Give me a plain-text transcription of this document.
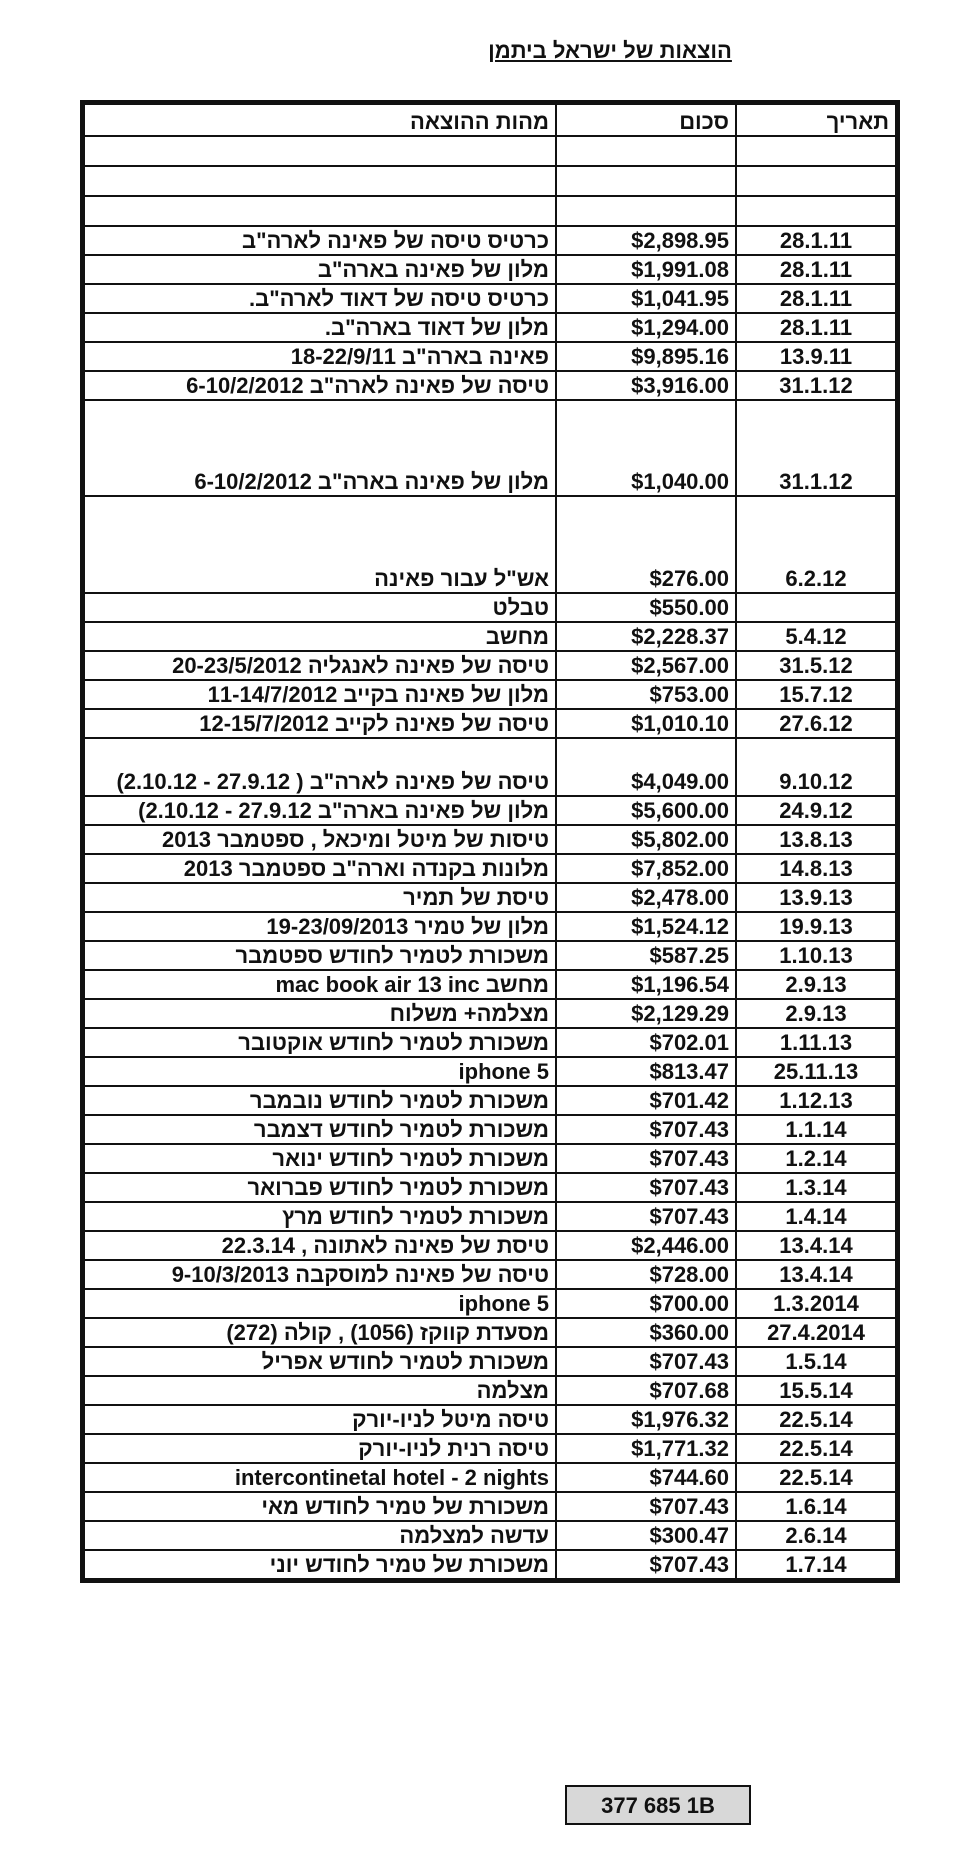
הוצאות של ישראל ביתמן
תאריך	סכום	מהות ההוצאה

28.1.11	$2,898.95	כרטיס טיסה של פאינה לארה"ב
28.1.11	$1,991.08	מלון של פאינה בארה"ב
28.1.11	$1,041.95	כרטיס טיסה של דאוד לארה"ב.
28.1.11	$1,294.00	מלון של דאוד בארה"ב.
13.9.11	$9,895.16	פאינה בארה"ב 18-22/9/11
31.1.12	$3,916.00	טיסה של פאינה לארה"ב 6-10/2/2012
31.1.12	$1,040.00	מלון של פאינה בארה"ב 6-10/2/2012
6.2.12	$276.00	אש"ל עבור פאינה
	$550.00	טבלט
5.4.12	$2,228.37	מחשב
31.5.12	$2,567.00	טיסה של פאינה לאנגליה 20-23/5/2012
15.7.12	$753.00	מלון של פאינה בקייב 11-14/7/2012
27.6.12	$1,010.10	טיסה של פאינה לקייב 12-15/7/2012
9.10.12	$4,049.00	טיסה של פאינה לארה"ב ( 27.9.12 - 2.10.12)
24.9.12	$5,600.00	מלון של פאינה בארה"ב 27.9.12 - 2.10.12)
13.8.13	$5,802.00	טיסות של מיטל ומיכאל , ספטמבר 2013
14.8.13	$7,852.00	מלונות בקנדה וארה"ב ספטמבר 2013
13.9.13	$2,478.00	טיסת של תמיר
19.9.13	$1,524.12	מלון של טמיר 19-23/09/2013
1.10.13	$587.25	משכורת לטמיר לחודש ספטמבר
2.9.13	$1,196.54	מחשב mac book air 13 inc
2.9.13	$2,129.29	מצלמה+ משלוח
1.11.13	$702.01	משכורת לטמיר לחודש אוקטובר
25.11.13	$813.47	iphone 5
1.12.13	$701.42	משכורת לטמיר לחודש נובמבר
1.1.14	$707.43	משכורת לטמיר לחודש דצמבר
1.2.14	$707.43	משכורת לטמיר לחודש ינואר
1.3.14	$707.43	משכורת לטמיר לחודש פברואר
1.4.14	$707.43	משכורת לטמיר לחודש מרץ
13.4.14	$2,446.00	טיסת של פאינה לאתונה , 22.3.14
13.4.14	$728.00	טיסה של פאינה למוסקבה 9-10/3/2013
1.3.2014	$700.00	iphone 5
27.4.2014	$360.00	מסעדת קווקז (1056) , קולה (272)
1.5.14	$707.43	משכורת לטמיר לחודש אפריל
15.5.14	$707.68	מצלמה
22.5.14	$1,976.32	טיסה מיטל לניו-יורק
22.5.14	$1,771.32	טיסה רנית לניו-יורק
22.5.14	$744.60	intercontinetal hotel - 2 nights
1.6.14	$707.43	משכורת של טמיר לחודש מאי
2.6.14	$300.47	עדשה למצלמה
1.7.14	$707.43	משכורת של טמיר לחודש יוני
377 685 1B
